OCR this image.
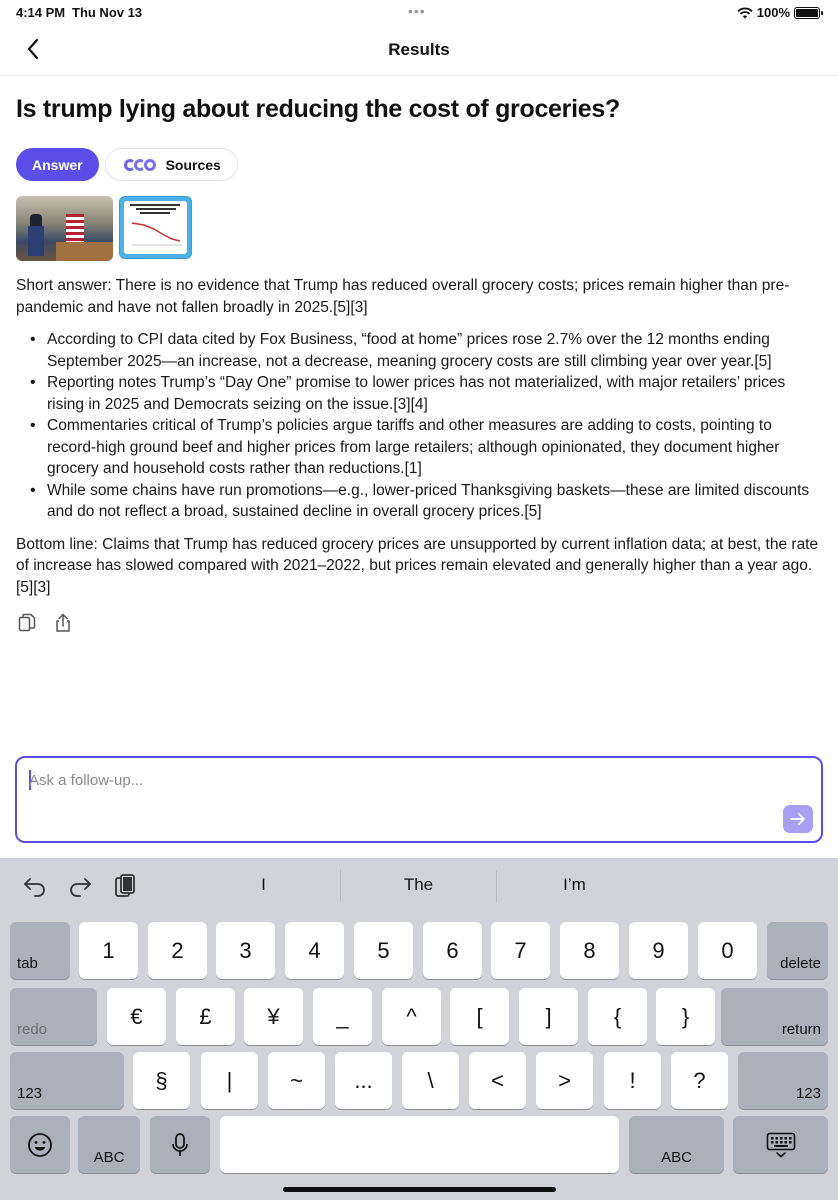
4:14 PM Thu Nov 13	•••	100%
Results
Is trump lying about reducing the cost of groceries?
Answer	Sources

Short answer: There is no evidence that Trump has reduced overall grocery costs; prices remain higher than pre-pandemic and have not fallen broadly in 2025.[5][3]

• According to CPI data cited by Fox Business, “food at home” prices rose 2.7% over the 12 months ending September 2025—an increase, not a decrease, meaning grocery costs are still climbing year over year.[5]
• Reporting notes Trump’s “Day One” promise to lower prices has not materialized, with major retailers’ prices rising in 2025 and Democrats seizing on the issue.[3][4]
• Commentaries critical of Trump’s policies argue tariffs and other measures are adding to costs, pointing to record-high ground beef and higher prices from large retailers; although opinionated, they document higher grocery and household costs rather than reductions.[1]
• While some chains have run promotions—e.g., lower-priced Thanksgiving baskets—these are limited discounts and do not reflect a broad, sustained decline in overall grocery prices.[5]

Bottom line: Claims that Trump has reduced grocery prices are unsupported by current inflation data; at best, the rate of increase has slowed compared with 2021–2022, but prices remain elevated and generally higher than a year ago.[5][3]

Ask a follow-up...
I	The	I’m
tab
1	2	3	4	5	6	7	8	9	0
delete
redo
€	£	¥	_	^	[	]	{	}
return
123
§	|	~	...	\	<	>	!	?
123
ABC	ABC
